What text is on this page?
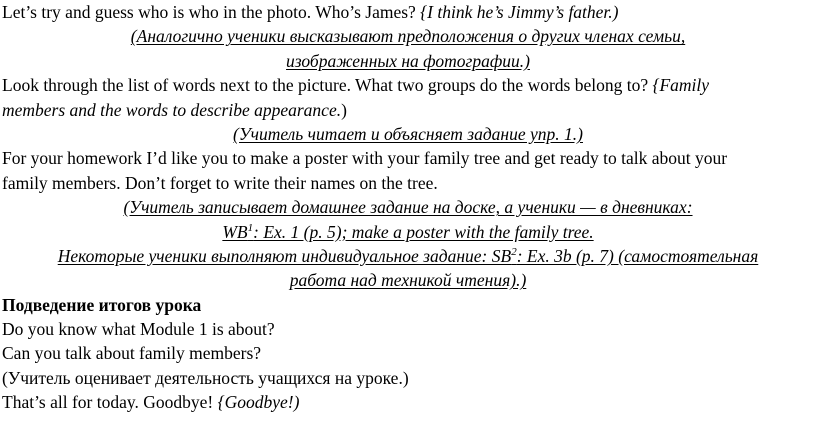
Let’s try and guess who is who in the photo. Who’s James? {I think he’s Jimmy’s father.)
(Аналогично ученики высказывают предположения о других членах семьи,
изображенных на фотографии.)
Look through the list of words next to the picture. What two groups do the words belong to? {Family
members and the words to describe appearance.)
(Учитель читает и объясняет задание упр. 1.)
For your homework I’d like you to make a poster with your family tree and get ready to talk about your
family members. Don’t forget to write their names on the tree.
(Учитель записывает домашнее задание на доске, а ученики — в дневниках:
$WB^1$: Ex. 1 (p. 5); make a poster with the family tree.
Некоторые ученики выполняют индивидуальное задание: $SB^2$: Ex. 3b (p. 7) (самостоятельная
работа над техникой чтения).)
Подведение итогов урока
Do you know what Module 1 is about?
Can you talk about family members?
(Учитель оценивает деятельность учащихся на уроке.)
That’s all for today. Goodbye! {Goodbye!)
